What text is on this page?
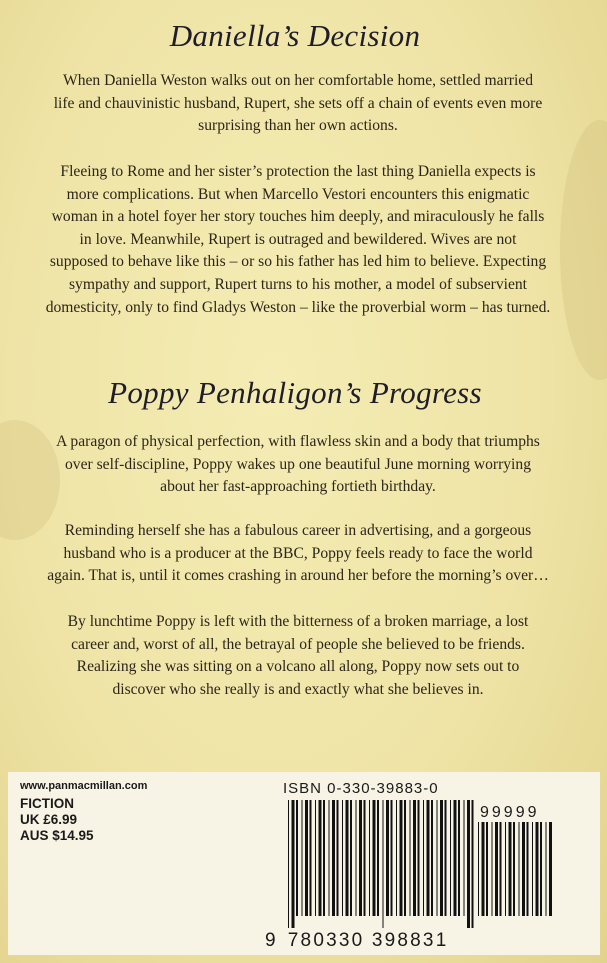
Daniella’s Decision
When Daniella Weston walks out on her comfortable home, settled married
life and chauvinistic husband, Rupert, she sets off a chain of events even more
surprising than her own actions.
Fleeing to Rome and her sister’s protection the last thing Daniella expects is
more complications. But when Marcello Vestori encounters this enigmatic
woman in a hotel foyer her story touches him deeply, and miraculously he falls
in love. Meanwhile, Rupert is outraged and bewildered. Wives are not
supposed to behave like this – or so his father has led him to believe. Expecting
sympathy and support, Rupert turns to his mother, a model of subservient
domesticity, only to find Gladys Weston – like the proverbial worm – has turned.
Poppy Penhaligon’s Progress
A paragon of physical perfection, with flawless skin and a body that triumphs
over self-discipline, Poppy wakes up one beautiful June morning worrying
about her fast-approaching fortieth birthday.
Reminding herself she has a fabulous career in advertising, and a gorgeous
husband who is a producer at the BBC, Poppy feels ready to face the world
again. That is, until it comes crashing in around her before the morning’s over…
By lunchtime Poppy is left with the bitterness of a broken marriage, a lost
career and, worst of all, the betrayal of people she believed to be friends.
Realizing she was sitting on a volcano all along, Poppy now sets out to
discover who she really is and exactly what she believes in.
www.panmacmillan.com
FICTION
UK £6.99
AUS $14.95
ISBN 0-330-39883-0
99999
9 780330 398831
